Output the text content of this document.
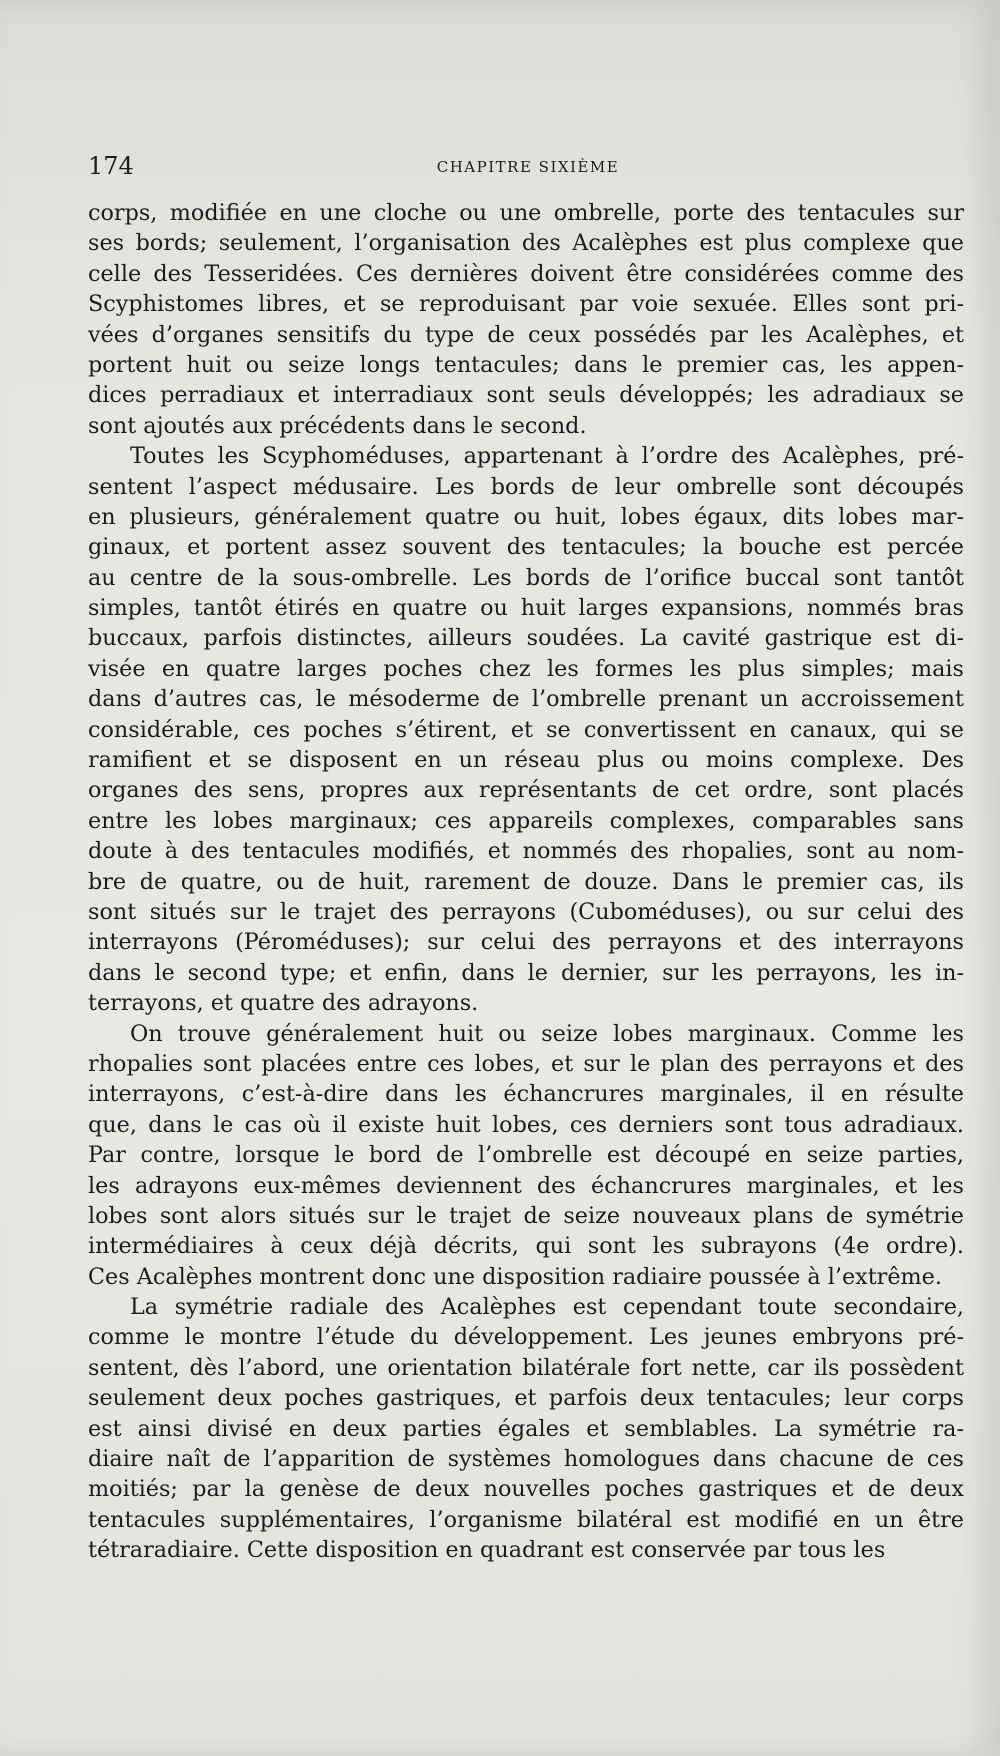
174	CHAPITRE SIXIÈME
corps, modifiée en une cloche ou une ombrelle, porte des tentacules sur
ses bords; seulement, l’organisation des Acalèphes est plus complexe que
celle des Tesseridées. Ces dernières doivent être considérées comme des
Scyphistomes libres, et se reproduisant par voie sexuée. Elles sont pri-
vées d’organes sensitifs du type de ceux possédés par les Acalèphes, et
portent huit ou seize longs tentacules; dans le premier cas, les appen-
dices perradiaux et interradiaux sont seuls développés; les adradiaux se
sont ajoutés aux précédents dans le second.
Toutes les Scyphoméduses, appartenant à l’ordre des Acalèphes, pré-
sentent l’aspect médusaire. Les bords de leur ombrelle sont découpés
en plusieurs, généralement quatre ou huit, lobes égaux, dits lobes mar-
ginaux, et portent assez souvent des tentacules; la bouche est percée
au centre de la sous-ombrelle. Les bords de l’orifice buccal sont tantôt
simples, tantôt étirés en quatre ou huit larges expansions, nommés bras
buccaux, parfois distinctes, ailleurs soudées. La cavité gastrique est di-
visée en quatre larges poches chez les formes les plus simples; mais
dans d’autres cas, le mésoderme de l’ombrelle prenant un accroissement
considérable, ces poches s’étirent, et se convertissent en canaux, qui se
ramifient et se disposent en un réseau plus ou moins complexe. Des
organes des sens, propres aux représentants de cet ordre, sont placés
entre les lobes marginaux; ces appareils complexes, comparables sans
doute à des tentacules modifiés, et nommés des rhopalies, sont au nom-
bre de quatre, ou de huit, rarement de douze. Dans le premier cas, ils
sont situés sur le trajet des perrayons (Cuboméduses), ou sur celui des
interrayons (Péroméduses); sur celui des perrayons et des interrayons
dans le second type; et enfin, dans le dernier, sur les perrayons, les in-
terrayons, et quatre des adrayons.
On trouve généralement huit ou seize lobes marginaux. Comme les
rhopalies sont placées entre ces lobes, et sur le plan des perrayons et des
interrayons, c’est-à-dire dans les échancrures marginales, il en résulte
que, dans le cas où il existe huit lobes, ces derniers sont tous adradiaux.
Par contre, lorsque le bord de l’ombrelle est découpé en seize parties,
les adrayons eux-mêmes deviennent des échancrures marginales, et les
lobes sont alors situés sur le trajet de seize nouveaux plans de symétrie
intermédiaires à ceux déjà décrits, qui sont les subrayons (4e ordre).
Ces Acalèphes montrent donc une disposition radiaire poussée à l’extrême.
La symétrie radiale des Acalèphes est cependant toute secondaire,
comme le montre l’étude du développement. Les jeunes embryons pré-
sentent, dès l’abord, une orientation bilatérale fort nette, car ils possèdent
seulement deux poches gastriques, et parfois deux tentacules; leur corps
est ainsi divisé en deux parties égales et semblables. La symétrie ra-
diaire naît de l’apparition de systèmes homologues dans chacune de ces
moitiés; par la genèse de deux nouvelles poches gastriques et de deux
tentacules supplémentaires, l’organisme bilatéral est modifié en un être
tétraradiaire. Cette disposition en quadrant est conservée par tous les
